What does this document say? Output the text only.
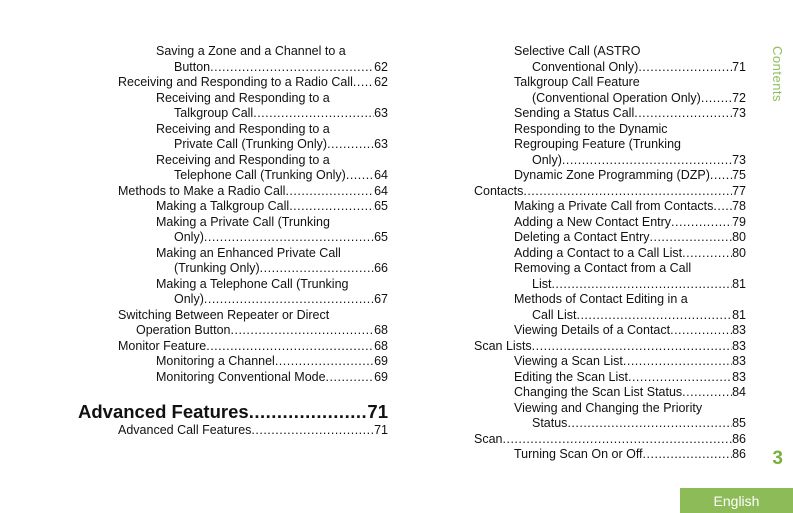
Saving a Zone and a Channel to a
Button .....	62
Receiving and Responding to a Radio Call ..... 62
Receiving and Responding to a
Talkgroup Call .....	63
Receiving and Responding to a
Private Call (Trunking Only) .....	63
Receiving and Responding to a
Telephone Call (Trunking Only) ..... 64
Methods to Make a Radio Call .....	64
Making a Talkgroup Call .....	65
Making a Private Call (Trunking
Only) .....	65
Making an Enhanced Private Call
(Trunking Only) .....	66
Making a Telephone Call (Trunking
Only) .....	67
Switching Between Repeater or Direct
Operation Button .....	68
Monitor Feature .....	68
Monitoring a Channel .....	69
Monitoring Conventional Mode .....	69
Advanced Features .....	71
Advanced Call Features .....	71
Selective Call (ASTRO
Conventional Only) .....	71
Talkgroup Call Feature
(Conventional Operation Only) .....	72
Sending a Status Call .....	73
Responding to the Dynamic
Regrouping Feature (Trunking
Only) .....	73
Dynamic Zone Programming (DZP) ..... 75
Contacts .....	77
Making a Private Call from Contacts ..... 78
Adding a New Contact Entry .....	79
Deleting a Contact Entry .....	80
Adding a Contact to a Call List .....	80
Removing a Contact from a Call
List .....	81
Methods of Contact Editing in a
Call List .....	81
Viewing Details of a Contact .....	83
Scan Lists .....	83
Viewing a Scan List .....	83
Editing the Scan List .....	83
Changing the Scan List Status .....	84
Viewing and Changing the Priority
Status .....	85
Scan .....	86
Turning Scan On or Off .....	86
Contents
3
English
